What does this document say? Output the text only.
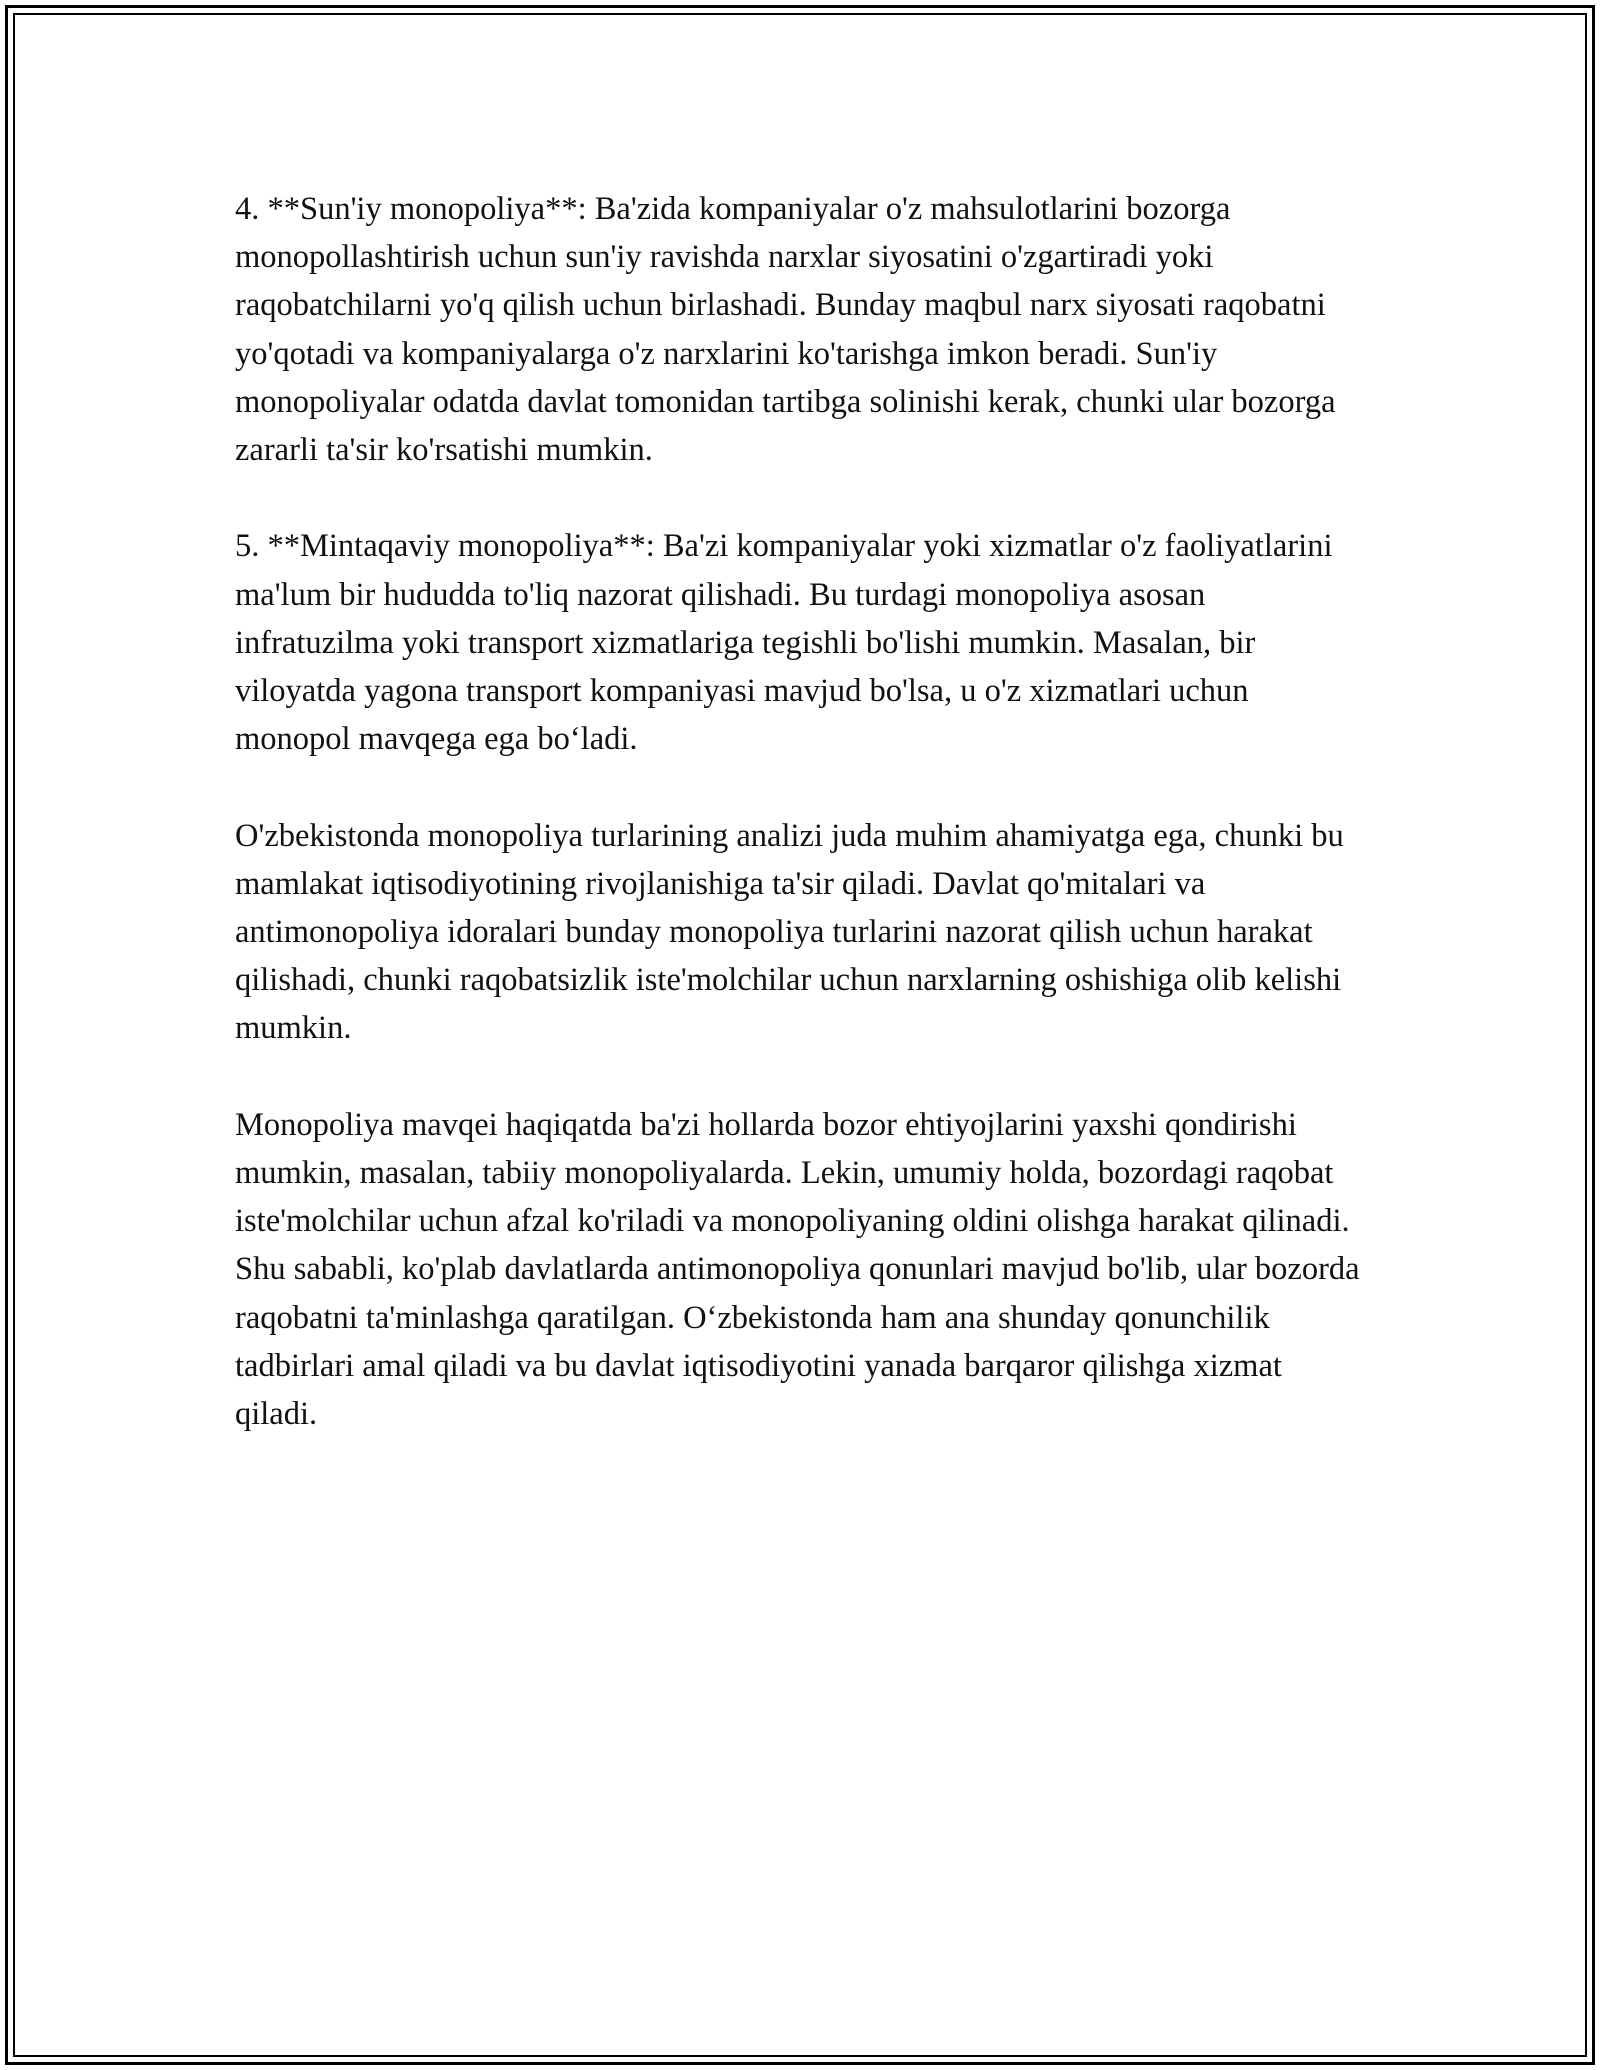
4. **Sun'iy monopoliya**: Ba'zida kompaniyalar o'z mahsulotlarini bozorga monopollashtirish uchun sun'iy ravishda narxlar siyosatini o'zgartiradi yoki raqobatchilarni yo'q qilish uchun birlashadi. Bunday maqbul narx siyosati raqobatni yo'qotadi va kompaniyalarga o'z narxlarini ko'tarishga imkon beradi. Sun'iy monopoliyalar odatda davlat tomonidan tartibga solinishi kerak, chunki ular bozorga zararli ta'sir ko'rsatishi mumkin.

5. **Mintaqaviy monopoliya**: Ba'zi kompaniyalar yoki xizmatlar o'z faoliyatlarini ma'lum bir hududda to'liq nazorat qilishadi. Bu turdagi monopoliya asosan infratuzilma yoki transport xizmatlariga tegishli bo'lishi mumkin. Masalan, bir viloyatda yagona transport kompaniyasi mavjud bo'lsa, u o'z xizmatlari uchun monopol mavqega ega bo‘ladi.

O'zbekistonda monopoliya turlarining analizi juda muhim ahamiyatga ega, chunki bu mamlakat iqtisodiyotining rivojlanishiga ta'sir qiladi. Davlat qo'mitalari va antimonopoliya idoralari bunday monopoliya turlarini nazorat qilish uchun harakat qilishadi, chunki raqobatsizlik iste'molchilar uchun narxlarning oshishiga olib kelishi mumkin.

Monopoliya mavqei haqiqatda ba'zi hollarda bozor ehtiyojlarini yaxshi qondirishi mumkin, masalan, tabiiy monopoliyalarda. Lekin, umumiy holda, bozordagi raqobat iste'molchilar uchun afzal ko'riladi va monopoliyaning oldini olishga harakat qilinadi. Shu sababli, ko'plab davlatlarda antimonopoliya qonunlari mavjud bo'lib, ular bozorda raqobatni ta'minlashga qaratilgan. O‘zbekistonda ham ana shunday qonunchilik tadbirlari amal qiladi va bu davlat iqtisodiyotini yanada barqaror qilishga xizmat qiladi.
